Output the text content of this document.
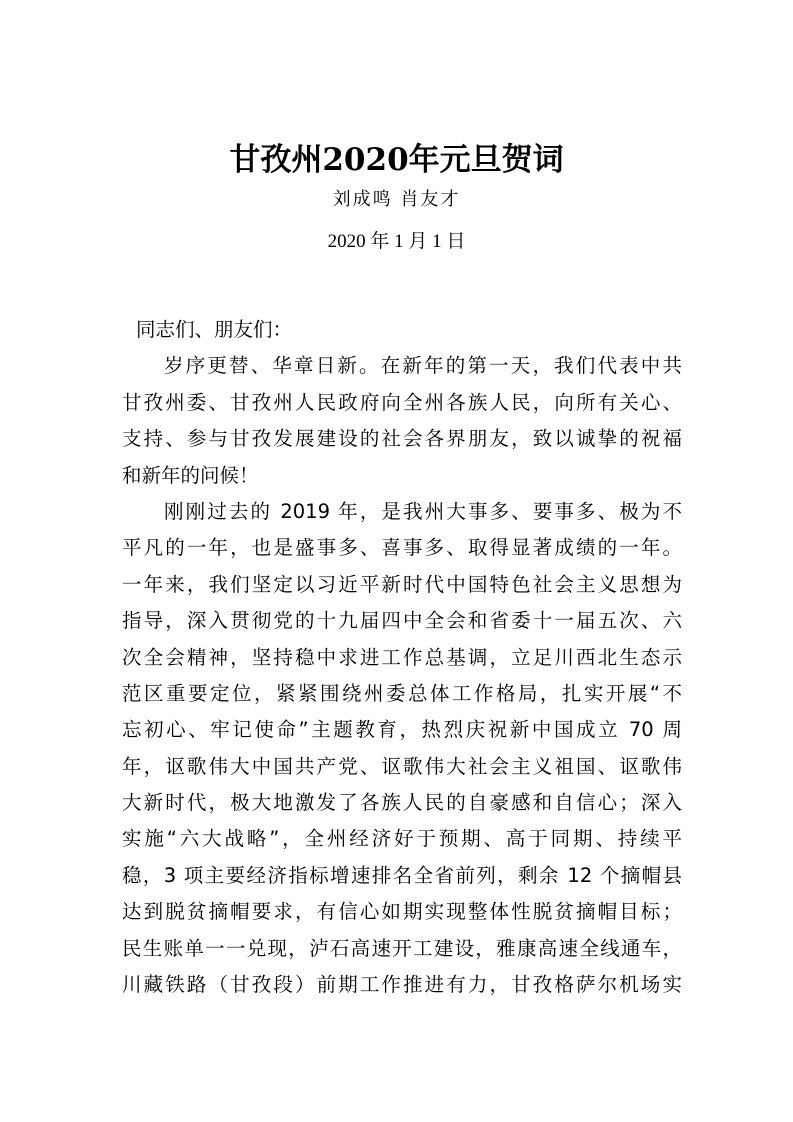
甘孜州2020年元旦贺词
刘成鸣 肖友才
2020 年 1 月 1 日
同志们、朋友们：
岁序更替、华章日新。在新年的第一天，我们代表中共
甘孜州委、甘孜州人民政府向全州各族人民，向所有关心、
支持、参与甘孜发展建设的社会各界朋友，致以诚挚的祝福
和新年的问候！
刚刚过去的 2019 年，是我州大事多、要事多、极为不
平凡的一年，也是盛事多、喜事多、取得显著成绩的一年。
一年来，我们坚定以习近平新时代中国特色社会主义思想为
指导，深入贯彻党的十九届四中全会和省委十一届五次、六
次全会精神，坚持稳中求进工作总基调，立足川西北生态示
范区重要定位，紧紧围绕州委总体工作格局，扎实开展“不
忘初心、牢记使命”主题教育，热烈庆祝新中国成立 70 周
年，讴歌伟大中国共产党、讴歌伟大社会主义祖国、讴歌伟
大新时代，极大地激发了各族人民的自豪感和自信心；深入
实施“六大战略”，全州经济好于预期、高于同期、持续平
稳，3 项主要经济指标增速排名全省前列，剩余 12 个摘帽县
达到脱贫摘帽要求，有信心如期实现整体性脱贫摘帽目标；
民生账单一一兑现，泸石高速开工建设，雅康高速全线通车，
川藏铁路（甘孜段）前期工作推进有力，甘孜格萨尔机场实
